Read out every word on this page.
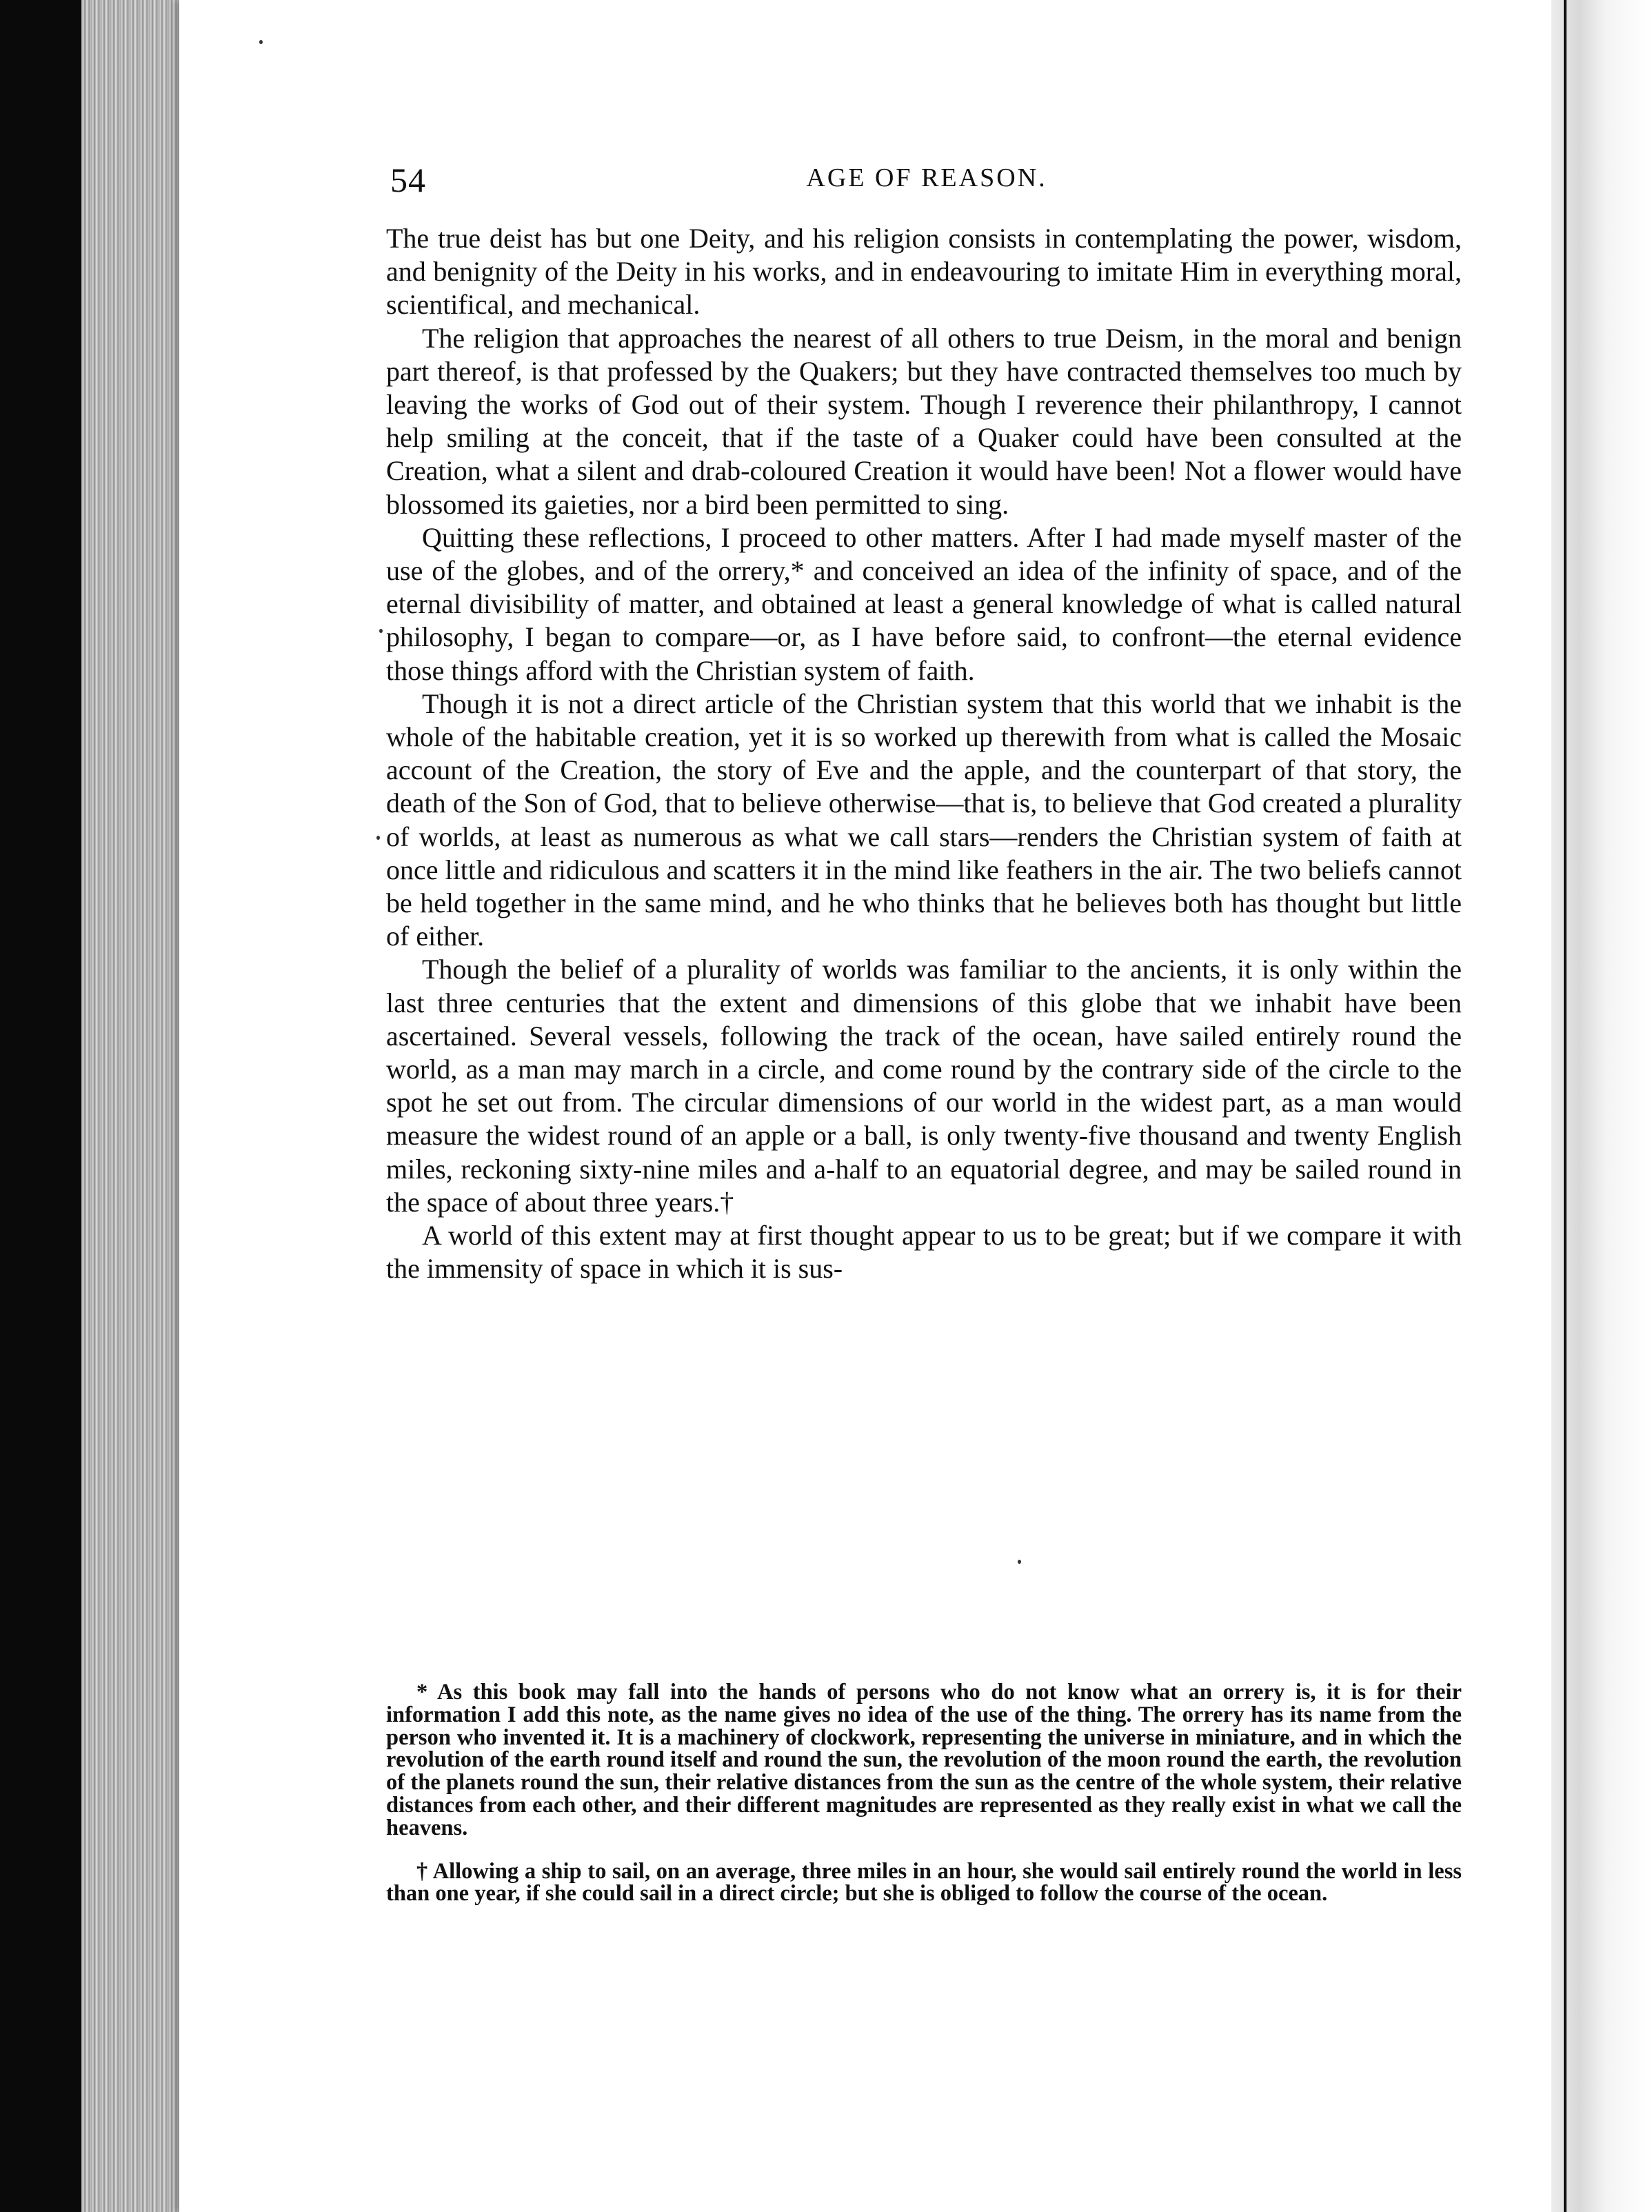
54	AGE OF REASON.

The true deist has but one Deity, and his religion consists in contemplating the power, wisdom, and benignity of the Deity in his works, and in endeavouring to imitate Him in everything moral, scientifical, and mechanical.

The religion that approaches the nearest of all others to true Deism, in the moral and benign part thereof, is that professed by the Quakers; but they have contracted themselves too much by leaving the works of God out of their system. Though I reverence their philanthropy, I cannot help smiling at the conceit, that if the taste of a Quaker could have been consulted at the Creation, what a silent and drab-coloured Creation it would have been! Not a flower would have blossomed its gaieties, nor a bird been permitted to sing.

Quitting these reflections, I proceed to other matters. After I had made myself master of the use of the globes, and of the orrery,* and conceived an idea of the infinity of space, and of the eternal divisibility of matter, and obtained at least a general knowledge of what is called natural philosophy, I began to compare—or, as I have before said, to confront—the eternal evidence those things afford with the Christian system of faith.

Though it is not a direct article of the Christian system that this world that we inhabit is the whole of the habitable creation, yet it is so worked up therewith from what is called the Mosaic account of the Creation, the story of Eve and the apple, and the counterpart of that story, the death of the Son of God, that to believe otherwise—that is, to believe that God created a plurality of worlds, at least as numerous as what we call stars—renders the Christian system of faith at once little and ridiculous and scatters it in the mind like feathers in the air. The two beliefs cannot be held together in the same mind, and he who thinks that he believes both has thought but little of either.

Though the belief of a plurality of worlds was familiar to the ancients, it is only within the last three centuries that the extent and dimensions of this globe that we inhabit have been ascertained. Several vessels, following the track of the ocean, have sailed entirely round the world, as a man may march in a circle, and come round by the contrary side of the circle to the spot he set out from. The circular dimensions of our world in the widest part, as a man would measure the widest round of an apple or a ball, is only twenty-five thousand and twenty English miles, reckoning sixty-nine miles and a-half to an equatorial degree, and may be sailed round in the space of about three years.†

A world of this extent may at first thought appear to us to be great; but if we compare it with the immensity of space in which it is sus-

* As this book may fall into the hands of persons who do not know what an orrery is, it is for their information I add this note, as the name gives no idea of the use of the thing. The orrery has its name from the person who invented it. It is a machinery of clockwork, representing the universe in miniature, and in which the revolution of the earth round itself and round the sun, the revolution of the moon round the earth, the revolution of the planets round the sun, their relative distances from the sun as the centre of the whole system, their relative distances from each other, and their different magnitudes are represented as they really exist in what we call the heavens.

† Allowing a ship to sail, on an average, three miles in an hour, she would sail entirely round the world in less than one year, if she could sail in a direct circle; but she is obliged to follow the course of the ocean.
